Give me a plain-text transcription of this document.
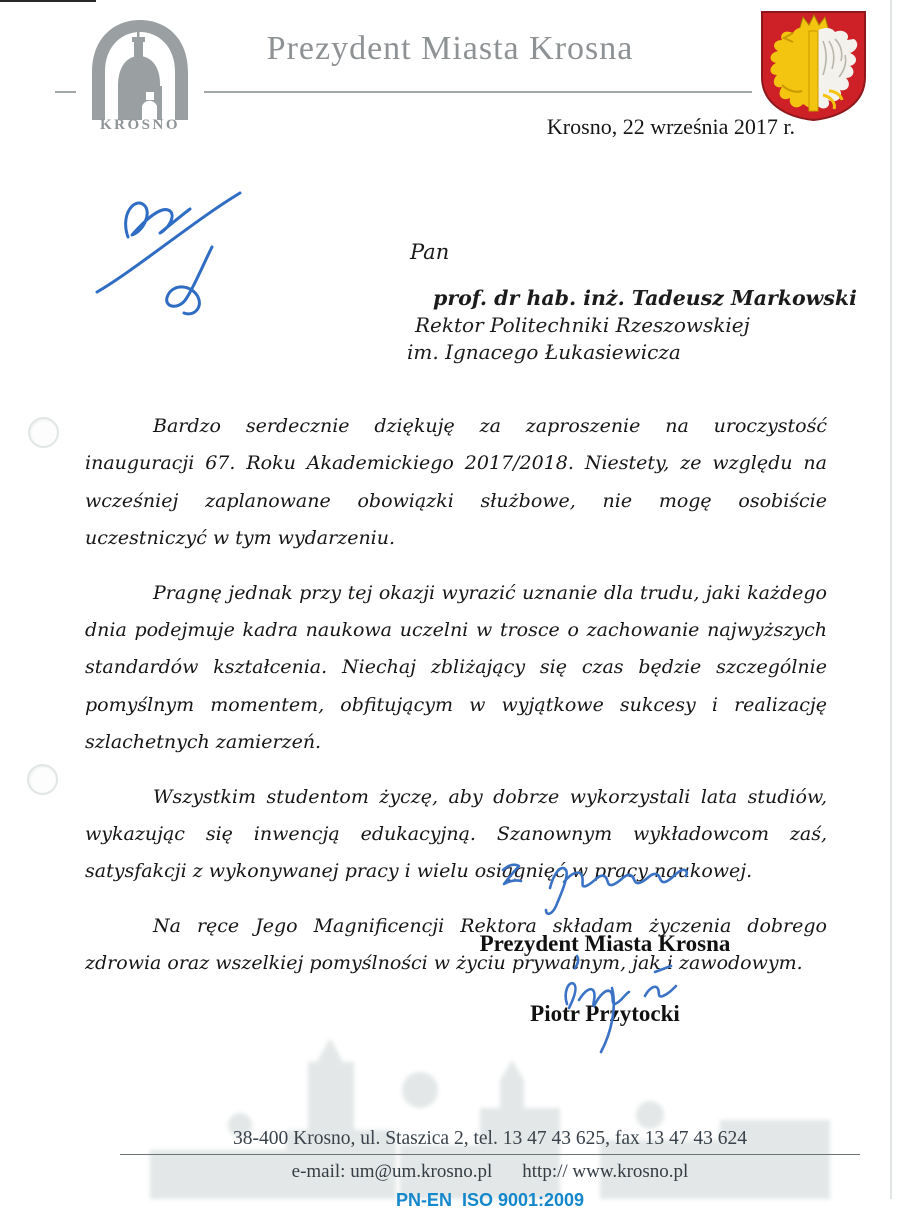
KROSNO
Prezydent Miasta Krosna
Krosno, 22 września 2017 r.

Pan

prof. dr hab. inż. Tadeusz Markowski

Rektor Politechniki Rzeszowskiej

im. Ignacego Łukasiewicza

Bardzo serdecznie dziękuję za zaproszenie na uroczystość inauguracji 67. Roku Akademickiego 2017/2018. Niestety, ze względu na wcześniej zaplanowane obowiązki służbowe, nie mogę osobiście uczestniczyć w tym wydarzeniu.

Pragnę jednak przy tej okazji wyrazić uznanie dla trudu, jaki każdego dnia podejmuje kadra naukowa uczelni w trosce o zachowanie najwyższych standardów kształcenia. Niechaj zbliżający się czas będzie szczególnie pomyślnym momentem, obfitującym w wyjątkowe sukcesy i realizację szlachetnych zamierzeń.

Wszystkim studentom życzę, aby dobrze wykorzystali lata studiów, wykazując się inwencją edukacyjną. Szanownym wykładowcom zaś, satysfakcji z wykonywanej pracy i wielu osiągnięć w pracy naukowej.

Na ręce Jego Magnificencji Rektora składam życzenia dobrego zdrowia oraz wszelkiej pomyślności w życiu prywatnym, jak i zawodowym.

Prezydent Miasta Krosna
Piotr Przytocki
38-400 Krosno, ul. Staszica 2, tel. 13 47 43 625, fax 13 47 43 624
e-mail: um@um.krosno.pl http:// www.krosno.pl
PN-EN  ISO 9001:2009
